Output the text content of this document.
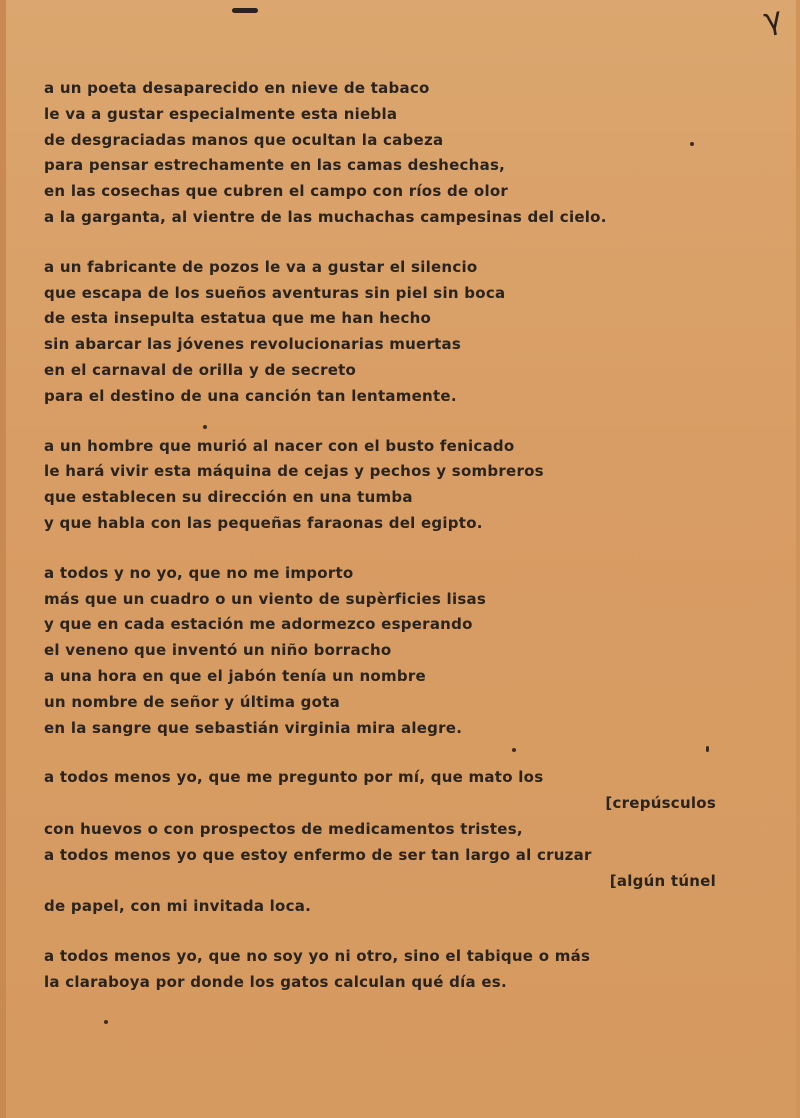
γ
a un poeta desaparecido en nieve de tabaco
le va a gustar especialmente esta niebla
de desgraciadas manos que ocultan la cabeza
para pensar estrechamente en las camas deshechas,
en las cosechas que cubren el campo con ríos de olor
a la garganta, al vientre de las muchachas campesinas del cielo.
a un fabricante de pozos le va a gustar el silencio
que escapa de los sueños aventuras sin piel sin boca
de esta insepulta estatua que me han hecho
sin abarcar las jóvenes revolucionarias muertas
en el carnaval de orilla y de secreto
para el destino de una canción tan lentamente.
a un hombre que murió al nacer con el busto fenicado
le hará vivir esta máquina de cejas y pechos y sombreros
que establecen su dirección en una tumba
y que habla con las pequeñas faraonas del egipto.
a todos y no yo, que no me importo
más que un cuadro o un viento de supèrficies lisas
y que en cada estación me adormezco esperando
el veneno que inventó un niño borracho
a una hora en que el jabón tenía un nombre
un nombre de señor y última gota
en la sangre que sebastián virginia mira alegre.
a todos menos yo, que me pregunto por mí, que mato los
[crepúsculos
con huevos o con prospectos de medicamentos tristes,
a todos menos yo que estoy enfermo de ser tan largo al cruzar
[algún túnel
de papel, con mi invitada loca.
a todos menos yo, que no soy yo ni otro, sino el tabique o más
la claraboya por donde los gatos calculan qué día es.
